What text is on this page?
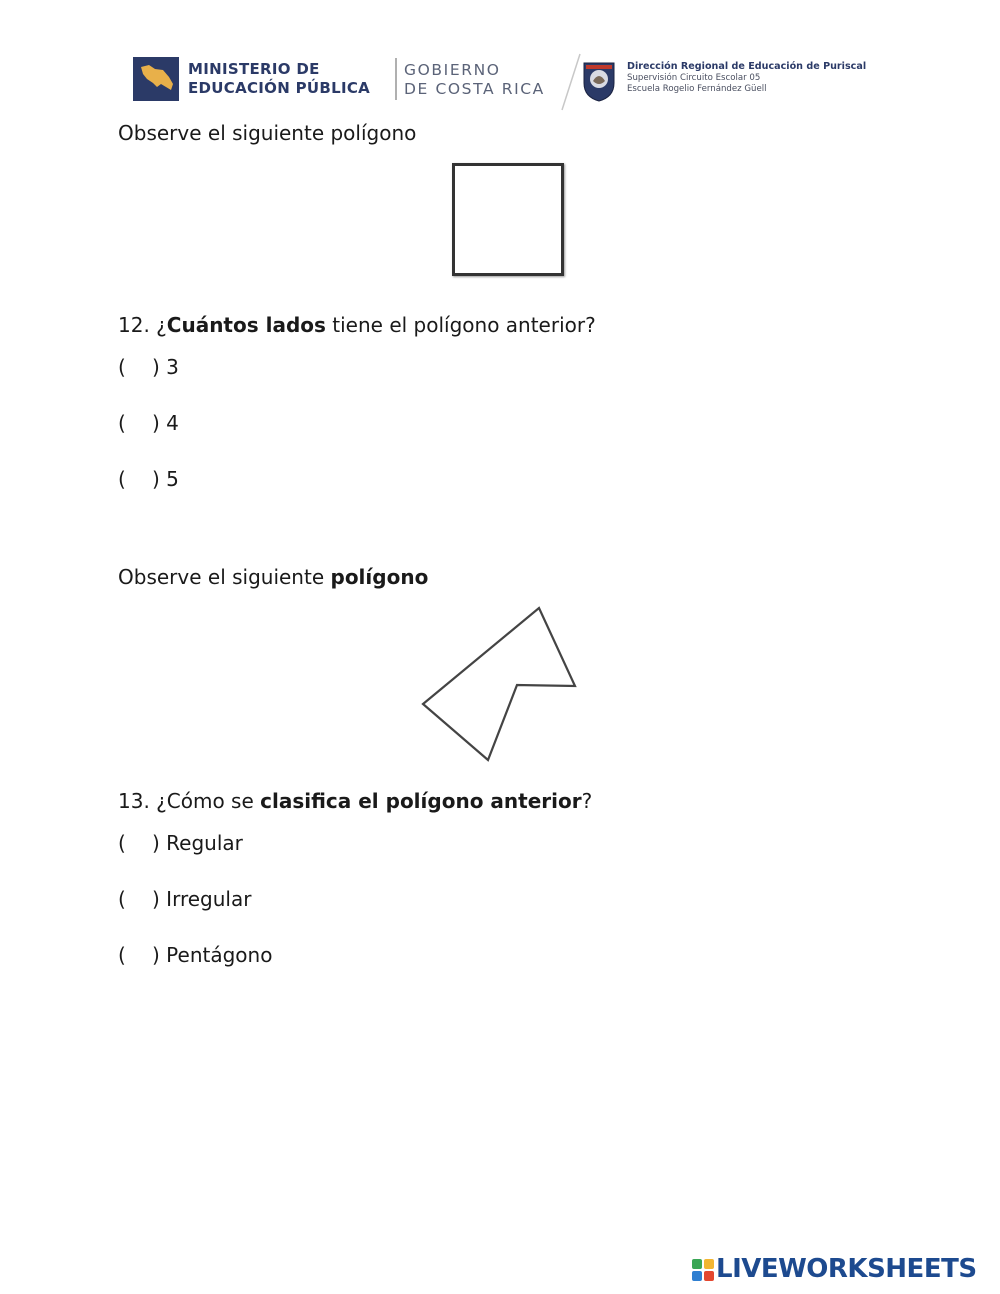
MINISTERIO DE
EDUCACIÓN PÚBLICA
GOBIERNO
DE COSTA RICA
Dirección Regional de Educación de Puriscal
Supervisión Circuito Escolar 05
Escuela Rogelio Fernández Güell
Observe el siguiente polígono
12. ¿Cuántos lados tiene el polígono anterior?
( ) 3
( ) 4
( ) 5
Observe el siguiente polígono
13. ¿Cómo se clasifica el polígono anterior?
( ) Regular
( ) Irregular
( ) Pentágono
LIVEWORKSHEETS
